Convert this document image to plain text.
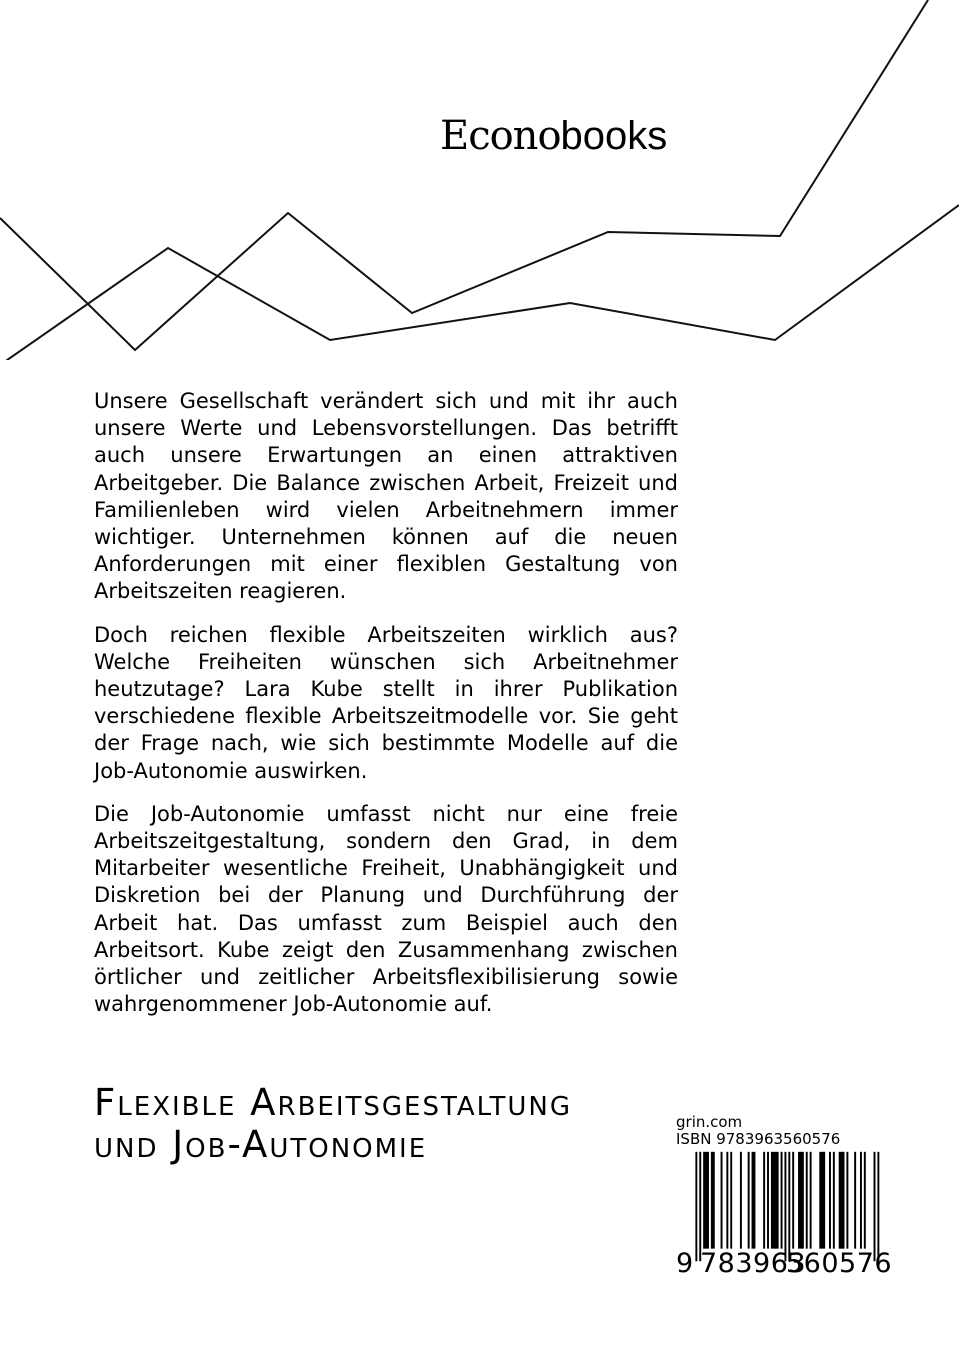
Econobooks

Unsere Gesellschaft verändert sich und mit ihr auch unsere Werte und Lebensvorstellungen. Das betrifft auch unsere Erwartungen an einen attraktiven Arbeitgeber. Die Balance zwischen Arbeit, Freizeit und Familienleben wird vielen Arbeitnehmern immer wichtiger. Unternehmen können auf die neuen Anforderungen mit einer flexiblen Gestaltung von Arbeitszeiten reagieren.

Doch reichen flexible Arbeitszeiten wirklich aus? Welche Freiheiten wünschen sich Arbeitnehmer heutzutage? Lara Kube stellt in ihrer Publikation verschiedene flexible Arbeitszeitmodelle vor. Sie geht der Frage nach, wie sich bestimmte Modelle auf die Job-Autonomie auswirken.

Die Job-Autonomie umfasst nicht nur eine freie Arbeitszeitgestaltung, sondern den Grad, in dem Mitarbeiter wesentliche Freiheit, Unabhängigkeit und Diskretion bei der Planung und Durchführung der Arbeit hat. Das umfasst zum Beispiel auch den Arbeitsort. Kube zeigt den Zusammenhang zwischen örtlicher und zeitlicher Arbeitsflexibilisierung sowie wahrgenommener Job-Autonomie auf.

Flexible Arbeitsgestaltung
und Job-Autonomie
grin.com
ISBN 9783963560576
9 783963
560576
